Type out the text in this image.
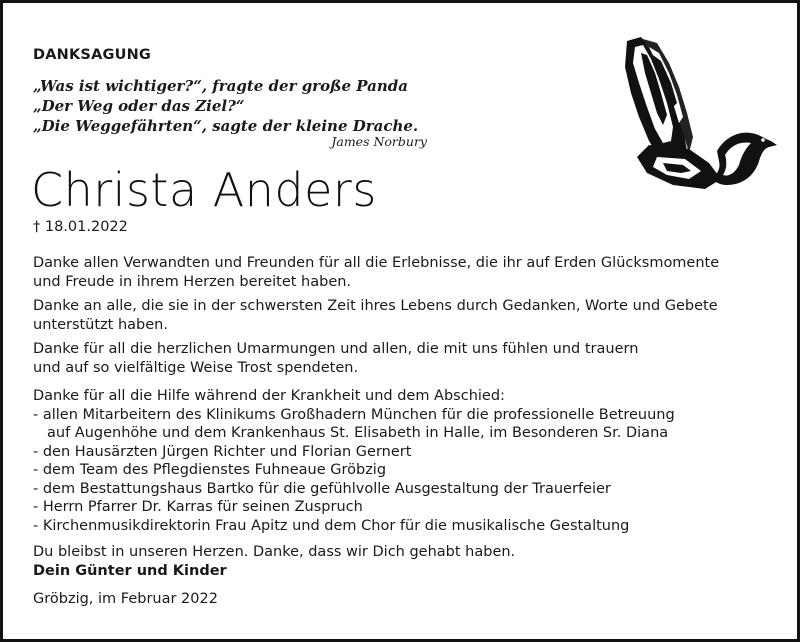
DANKSAGUNG
„Was ist wichtiger?“, fragte der große Panda
„Der Weg oder das Ziel?“
„Die Weggefährten“, sagte der kleine Drache.
James Norbury
Christa Anders
† 18.01.2022
Danke allen Verwandten und Freunden für all die Erlebnisse, die ihr auf Erden Glücksmomente
und Freude in ihrem Herzen bereitet haben.
Danke an alle, die sie in der schwersten Zeit ihres Lebens durch Gedanken, Worte und Gebete
unterstützt haben.
Danke für all die herzlichen Umarmungen und allen, die mit uns fühlen und trauern
und auf so vielfältige Weise Trost spendeten.
Danke für all die Hilfe während der Krankheit und dem Abschied:
- allen Mitarbeitern des Klinikums Großhadern München für die professionelle Betreuung
auf Augenhöhe und dem Krankenhaus St. Elisabeth in Halle, im Besonderen Sr. Diana
- den Hausärzten Jürgen Richter und Florian Gernert
- dem Team des Pflegdienstes Fuhneaue Gröbzig
- dem Bestattungshaus Bartko für die gefühlvolle Ausgestaltung der Trauerfeier
- Herrn Pfarrer Dr. Karras für seinen Zuspruch
- Kirchenmusikdirektorin Frau Apitz und dem Chor für die musikalische Gestaltung
Du bleibst in unseren Herzen. Danke, dass wir Dich gehabt haben.
Dein Günter und Kinder
Gröbzig, im Februar 2022
